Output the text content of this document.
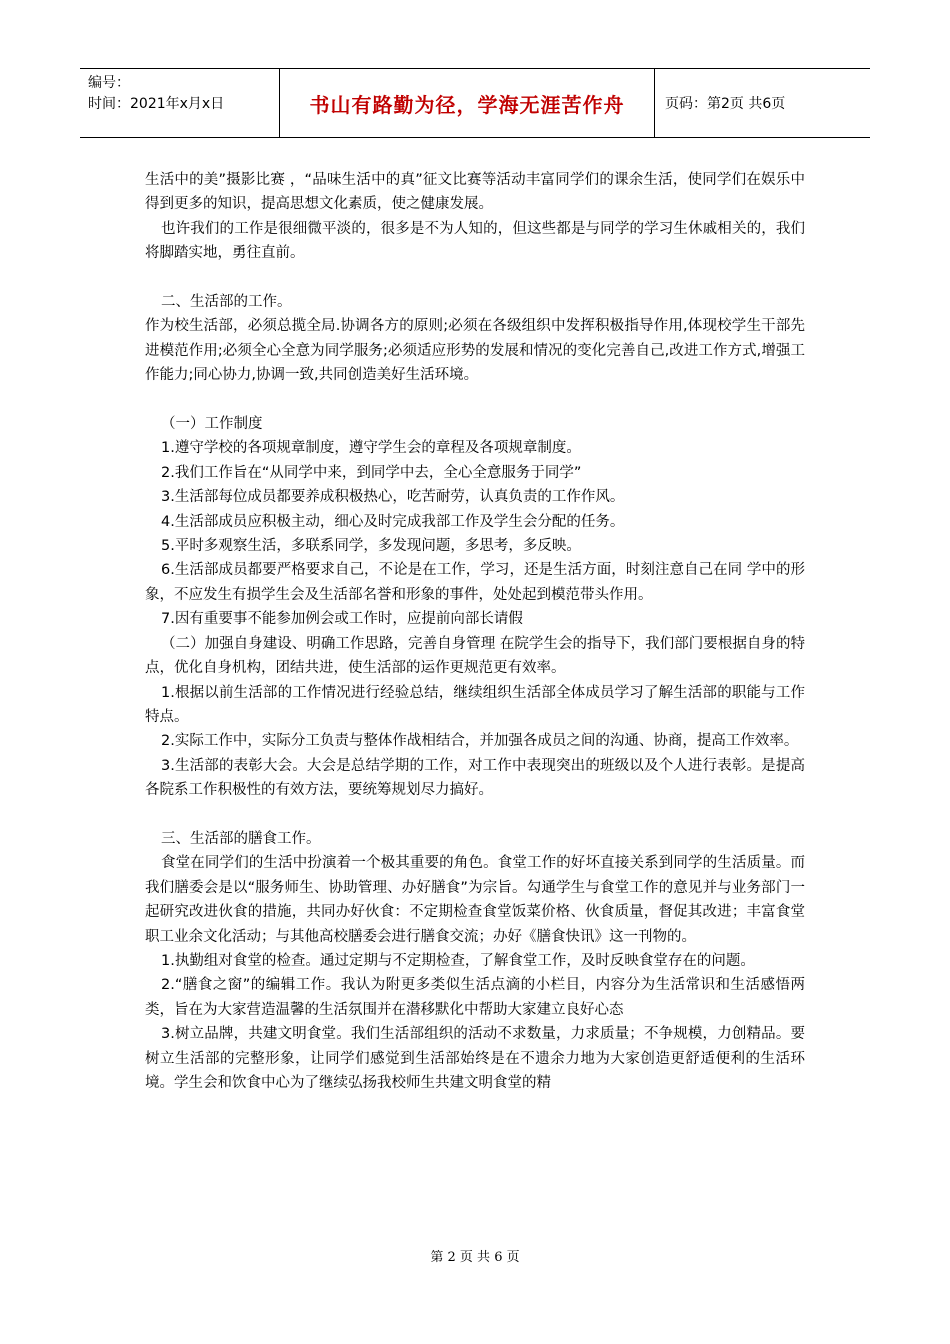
编号：
时间：2021年x月x日	书山有路勤为径，学海无涯苦作舟	页码：第2页 共6页

生活中的美”摄影比赛 ，“品味生活中的真”征文比赛等活动丰富同学们的课余生活，使同学们在娱乐中得到更多的知识，提高思想文化素质，使之健康发展。

也许我们的工作是很细微平淡的，很多是不为人知的，但这些都是与同学的学习生休戚相关的，我们将脚踏实地，勇往直前。

二、生活部的工作。

作为校生活部，必须总揽全局.协调各方的原则;必须在各级组织中发挥积极指导作用,体现校学生干部先进模范作用;必须全心全意为同学服务;必须适应形势的发展和情况的变化完善自己,改进工作方式,增强工作能力;同心协力,协调一致,共同创造美好生活环境。

（一）工作制度

1.遵守学校的各项规章制度，遵守学生会的章程及各项规章制度。

2.我们工作旨在“从同学中来，到同学中去，全心全意服务于同学”

3.生活部每位成员都要养成积极热心，吃苦耐劳，认真负责的工作作风。

4.生活部成员应积极主动，细心及时完成我部工作及学生会分配的任务。

5.平时多观察生活，多联系同学，多发现问题，多思考，多反映。

6.生活部成员都要严格要求自己，不论是在工作，学习，还是生活方面，时刻注意自己在同 学中的形象，不应发生有损学生会及生活部名誉和形象的事件，处处起到模范带头作用。

7.因有重要事不能参加例会或工作时，应提前向部长请假

（二）加强自身建设、明确工作思路，完善自身管理 在院学生会的指导下，我们部门要根据自身的特点，优化自身机构，团结共进，使生活部的运作更规范更有效率。

1.根据以前生活部的工作情况进行经验总结，继续组织生活部全体成员学习了解生活部的职能与工作特点。

2.实际工作中，实际分工负责与整体作战相结合，并加强各成员之间的沟通、协商，提高工作效率。

3.生活部的表彰大会。大会是总结学期的工作，对工作中表现突出的班级以及个人进行表彰。是提高各院系工作积极性的有效方法，要统筹规划尽力搞好。

三、生活部的膳食工作。

食堂在同学们的生活中扮演着一个极其重要的角色。食堂工作的好坏直接关系到同学的生活质量。而我们膳委会是以“服务师生、协助管理、办好膳食”为宗旨。勾通学生与食堂工作的意见并与业务部门一起研究改进伙食的措施，共同办好伙食：不定期检查食堂饭菜价格、伙食质量，督促其改进；丰富食堂职工业余文化活动；与其他高校膳委会进行膳食交流；办好《膳食快讯》这一刊物的。

1.执勤组对食堂的检查。通过定期与不定期检查，了解食堂工作，及时反映食堂存在的问题。

2.“膳食之窗”的编辑工作。我认为附更多类似生活点滴的小栏目，内容分为生活常识和生活感悟两类，旨在为大家营造温馨的生活氛围并在潜移默化中帮助大家建立良好心态

3.树立品牌，共建文明食堂。我们生活部组织的活动不求数量，力求质量；不争规模，力创精品。要树立生活部的完整形象，让同学们感觉到生活部始终是在不遗余力地为大家创造更舒适便利的生活环境。学生会和饮食中心为了继续弘扬我校师生共建文明食堂的精

第 2 页 共 6 页
